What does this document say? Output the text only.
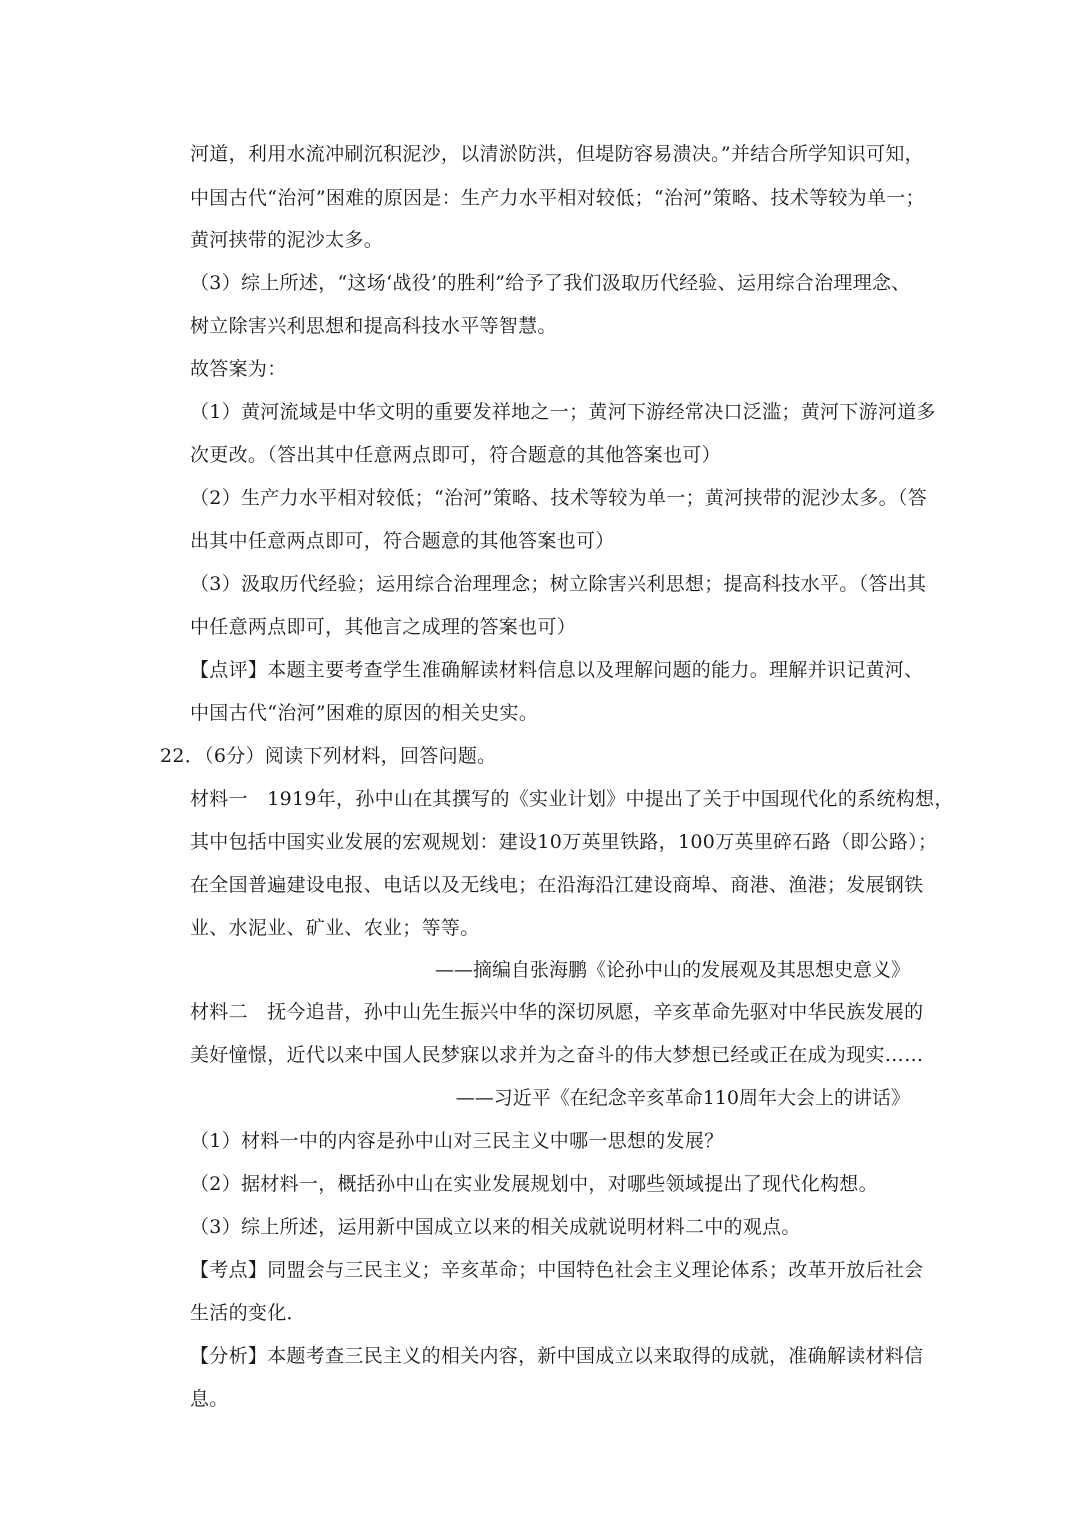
河道，利用水流冲刷沉积泥沙，以清淤防洪，但堤防容易溃决。”并结合所学知识可知，
中国古代“治河”困难的原因是：生产力水平相对较低；“治河”策略、技术等较为单一；
黄河挟带的泥沙太多。
（3）综上所述，“这场‘战役’的胜利”给予了我们汲取历代经验、运用综合治理理念、
树立除害兴利思想和提高科技水平等智慧。
故答案为：
（1）黄河流域是中华文明的重要发祥地之一；黄河下游经常决口泛滥；黄河下游河道多
次更改。（答出其中任意两点即可，符合题意的其他答案也可）
（2）生产力水平相对较低；“治河”策略、技术等较为单一；黄河挟带的泥沙太多。（答
出其中任意两点即可，符合题意的其他答案也可）
（3）汲取历代经验；运用综合治理理念；树立除害兴利思想；提高科技水平。（答出其
中任意两点即可，其他言之成理的答案也可）
【点评】本题主要考查学生准确解读材料信息以及理解问题的能力。理解并识记黄河、
中国古代“治河”困难的原因的相关史实。
22．（6分）阅读下列材料，回答问题。
材料一　1919年，孙中山在其撰写的《实业计划》中提出了关于中国现代化的系统构想，
其中包括中国实业发展的宏观规划：建设10万英里铁路，100万英里碎石路（即公路）；
在全国普遍建设电报、电话以及无线电；在沿海沿江建设商埠、商港、渔港；发展钢铁
业、水泥业、矿业、农业；等等。
——摘编自张海鹏《论孙中山的发展观及其思想史意义》
材料二　抚今追昔，孙中山先生振兴中华的深切夙愿，辛亥革命先驱对中华民族发展的
美好憧憬，近代以来中国人民梦寐以求并为之奋斗的伟大梦想已经或正在成为现实……
——习近平《在纪念辛亥革命110周年大会上的讲话》
（1）材料一中的内容是孙中山对三民主义中哪一思想的发展？
（2）据材料一，概括孙中山在实业发展规划中，对哪些领域提出了现代化构想。
（3）综上所述，运用新中国成立以来的相关成就说明材料二中的观点。
【考点】同盟会与三民主义；辛亥革命；中国特色社会主义理论体系；改革开放后社会
生活的变化．
【分析】本题考查三民主义的相关内容，新中国成立以来取得的成就，准确解读材料信
息。
